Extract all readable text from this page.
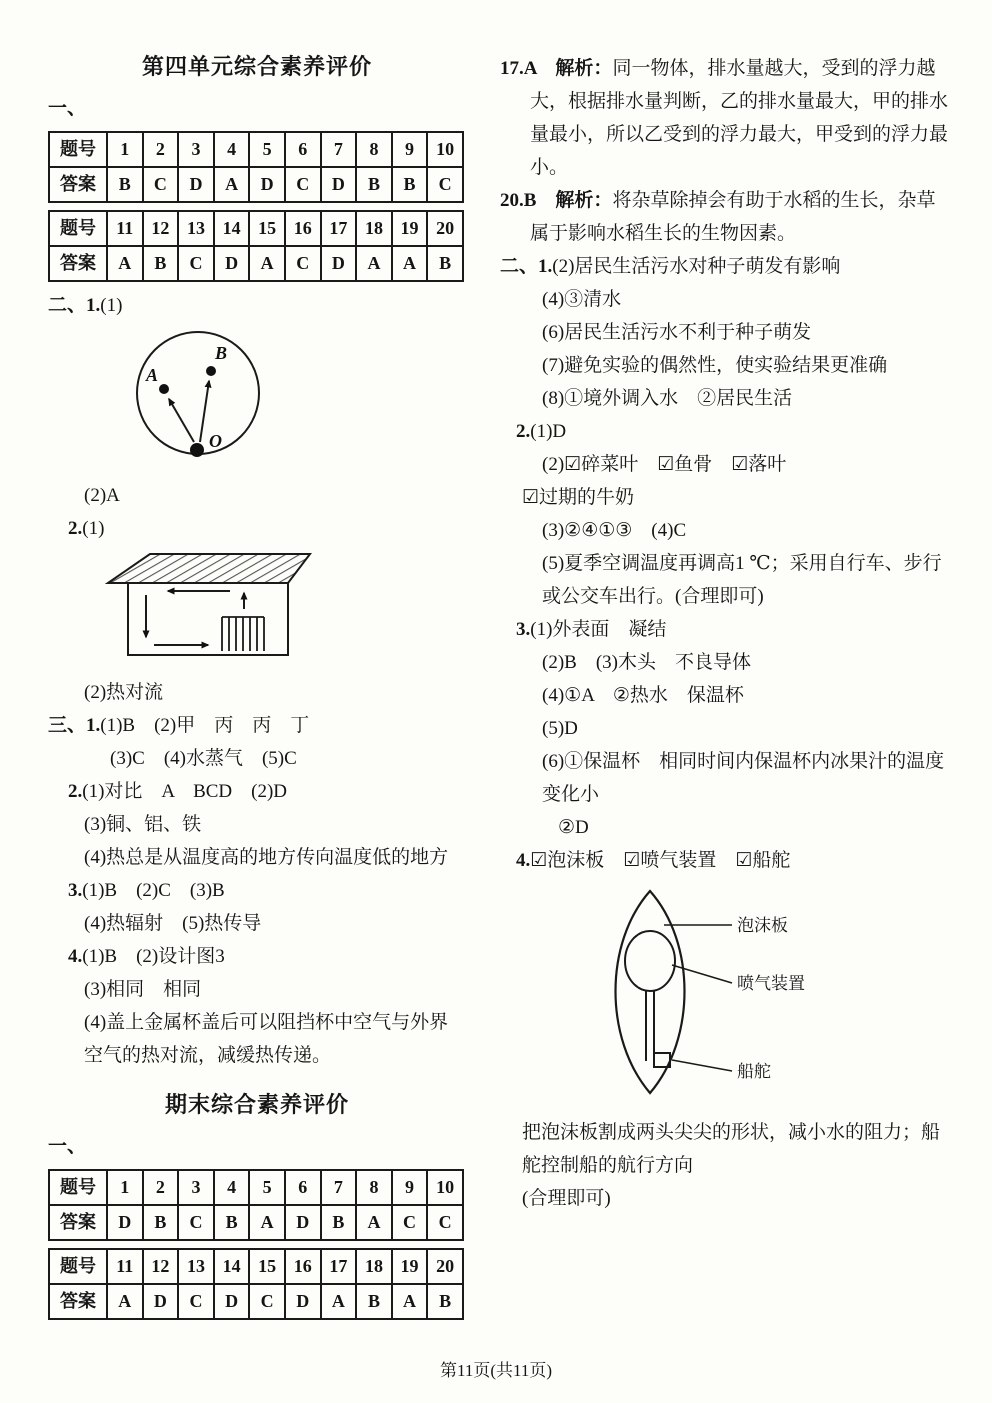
第四单元综合素养评价
一、
题号	1	2	3	4	5	6	7	8	9	10
答案	B	C	D	A	D	C	D	B	B	C
题号	11	12	13	14	15	16	17	18	19	20
答案	A	B	C	D	A	C	D	A	A	B
二、1.(1)
A
B
O
(2)A
2.(1)
(2)热对流
三、1.(1)B　(2)甲　丙　丙　丁
(3)C　(4)水蒸气　(5)C
2.(1)对比　A　BCD　(2)D
(3)铜、铝、铁
(4)热总是从温度高的地方传向温度低的地方
3.(1)B　(2)C　(3)B
(4)热辐射　(5)热传导
4.(1)B　(2)设计图3
(3)相同　相同
(4)盖上金属杯盖后可以阻挡杯中空气与外界空气的热对流，减缓热传递。
期末综合素养评价
一、
题号	1	2	3	4	5	6	7	8	9	10
答案	D	B	C	B	A	D	B	A	C	C
题号	11	12	13	14	15	16	17	18	19	20
答案	A	D	C	D	C	D	A	B	A	B
17.A　解析：同一物体，排水量越大，受到的浮力越大，根据排水量判断，乙的排水量最大，甲的排水量最小，所以乙受到的浮力最大，甲受到的浮力最小。
20.B　解析：将杂草除掉会有助于水稻的生长，杂草属于影响水稻生长的生物因素。
二、1.(2)居民生活污水对种子萌发有影响
(4)③清水
(6)居民生活污水不利于种子萌发
(7)避免实验的偶然性，使实验结果更准确
(8)①境外调入水　②居民生活
2.(1)D
(2)☑碎菜叶　☑鱼骨　☑落叶
☑过期的牛奶
(3)②④①③　(4)C
(5)夏季空调温度再调高1 ℃；采用自行车、步行或公交车出行。(合理即可)
3.(1)外表面　凝结
(2)B　(3)木头　不良导体
(4)①A　②热水　保温杯
(5)D
(6)①保温杯　相同时间内保温杯内冰果汁的温度变化小
②D
4.☑泡沫板　☑喷气装置　☑船舵
泡沫板
喷气装置
船舵
把泡沫板割成两头尖尖的形状，减小水的阻力；船舵控制船的航行方向
(合理即可)
第11页(共11页)
